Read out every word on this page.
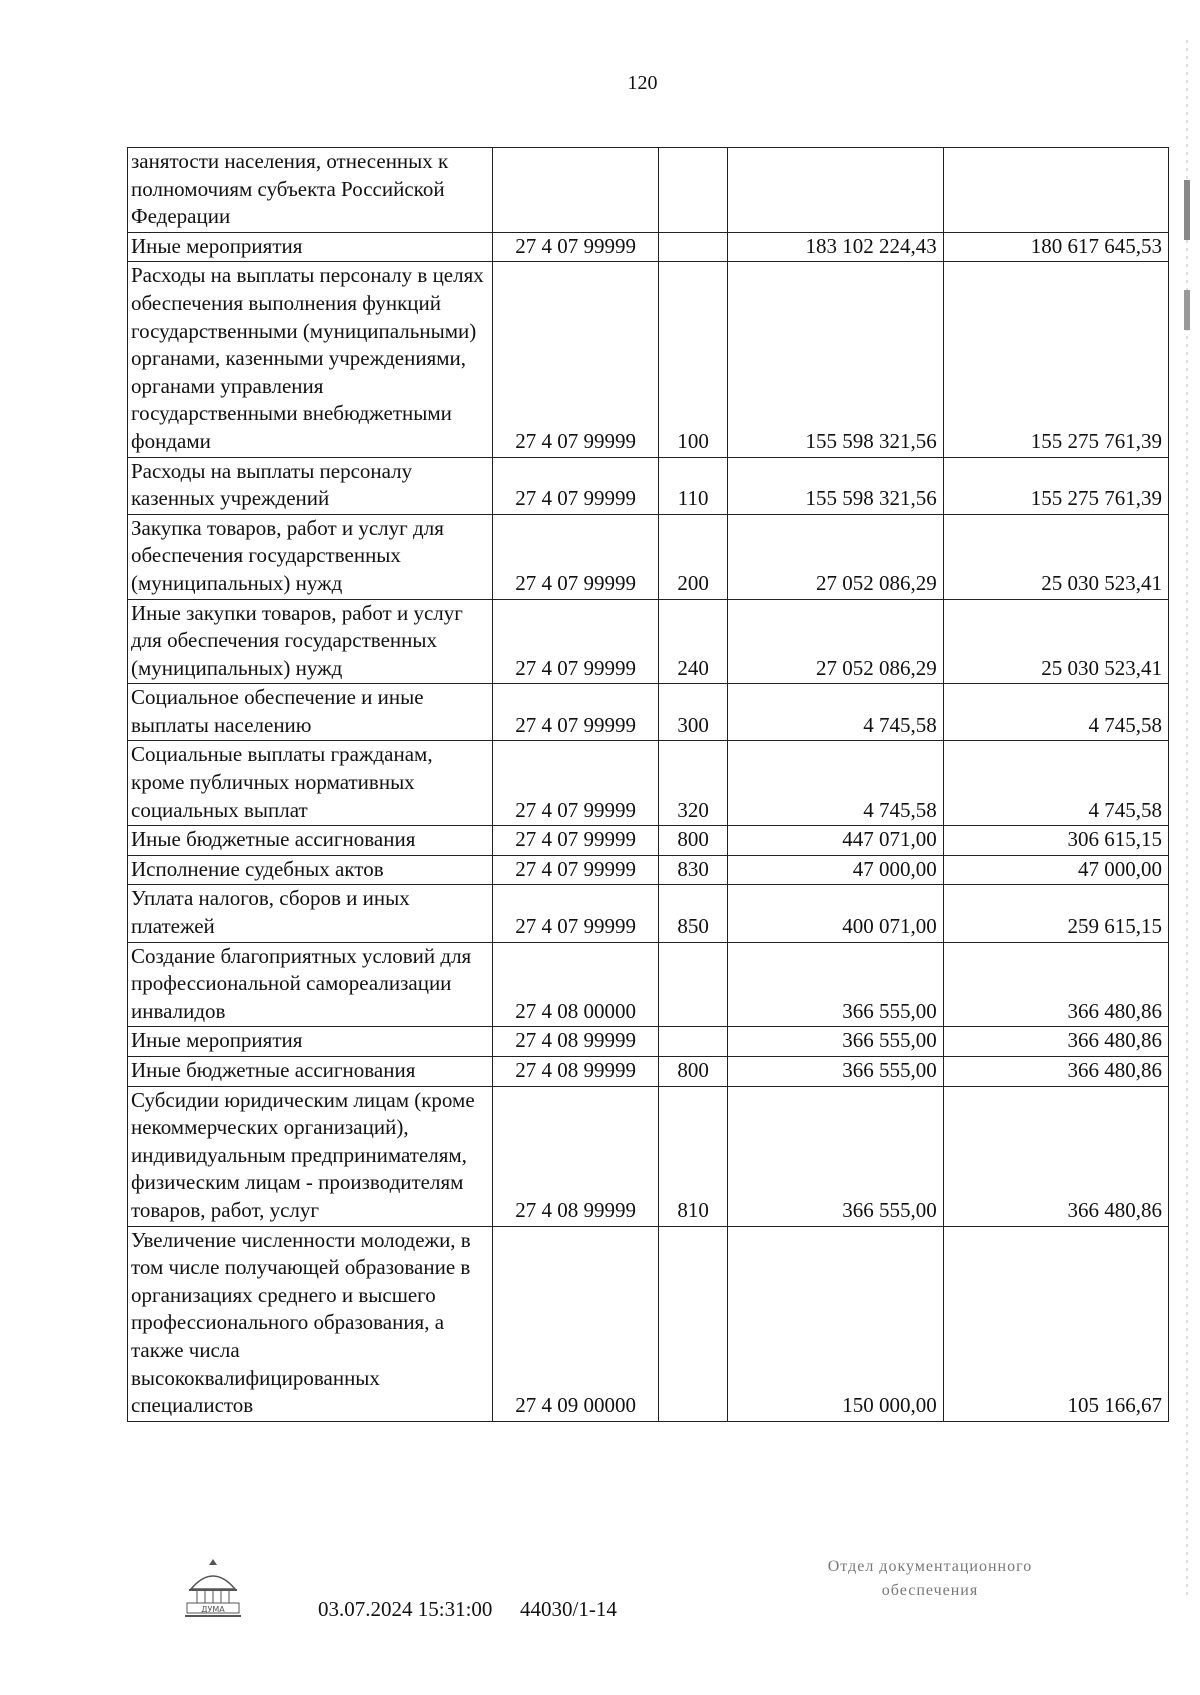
120
занятости населения, отнесенных к полномочиям субъекта Российской Федерации				
Иные мероприятия	27 4 07 99999		183 102 224,43	180 617 645,53
Расходы на выплаты персоналу в целях обеспечения выполнения функций государственными (муниципальными) органами, казенными учреждениями, органами управления государственными внебюджетными фондами	27 4 07 99999	100	155 598 321,56	155 275 761,39
Расходы на выплаты персоналу казенных учреждений	27 4 07 99999	110	155 598 321,56	155 275 761,39
Закупка товаров, работ и услуг для обеспечения государственных (муниципальных) нужд	27 4 07 99999	200	27 052 086,29	25 030 523,41
Иные закупки товаров, работ и услуг для обеспечения государственных (муниципальных) нужд	27 4 07 99999	240	27 052 086,29	25 030 523,41
Социальное обеспечение и иные выплаты населению	27 4 07 99999	300	4 745,58	4 745,58
Социальные выплаты гражданам, кроме публичных нормативных социальных выплат	27 4 07 99999	320	4 745,58	4 745,58
Иные бюджетные ассигнования	27 4 07 99999	800	447 071,00	306 615,15
Исполнение судебных актов	27 4 07 99999	830	47 000,00	47 000,00
Уплата налогов, сборов и иных платежей	27 4 07 99999	850	400 071,00	259 615,15
Создание благоприятных условий для профессиональной самореализации инвалидов	27 4 08 00000		366 555,00	366 480,86
Иные мероприятия	27 4 08 99999		366 555,00	366 480,86
Иные бюджетные ассигнования	27 4 08 99999	800	366 555,00	366 480,86
Субсидии юридическим лицам (кроме некоммерческих организаций), индивидуальным предпринимателям, физическим лицам - производителям товаров, работ, услуг	27 4 08 99999	810	366 555,00	366 480,86
Увеличение численности молодежи, в том числе получающей образование в организациях среднего и высшего профессионального образования, а также числа высококвалифицированных специалистов	27 4 09 00000		150 000,00	105 166,67
ДУМА	03.07.2024 15:31:00 44030/1-14
Отдел документационного
обеспечения
